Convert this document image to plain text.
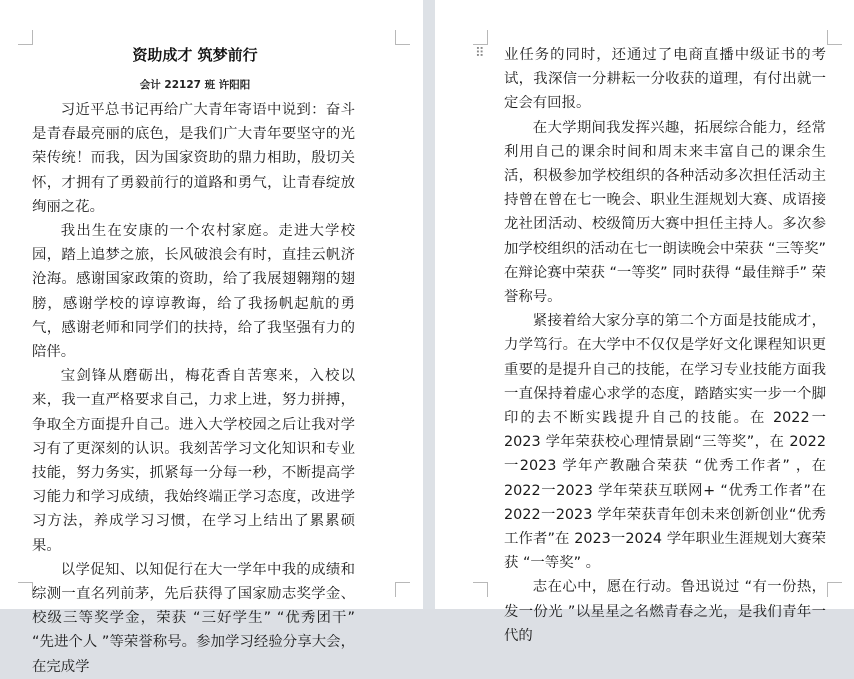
资助成才 筑梦前行
会计 22127 班 许阳阳

习近平总书记再给广大青年寄语中说到：奋斗是青春最亮丽的底色，是我们广大青年要坚守的光荣传统！而我，因为国家资助的鼎力相助，殷切关怀，才拥有了勇毅前行的道路和勇气，让青春绽放绚丽之花。

我出生在安康的一个农村家庭。走进大学校园，踏上追梦之旅，长风破浪会有时，直挂云帆济沧海。感谢国家政策的资助，给了我展翅翱翔的翅膀，感谢学校的谆谆教诲，给了我扬帆起航的勇气，感谢老师和同学们的扶持，给了我坚强有力的陪伴。

宝剑锋从磨砺出，梅花香自苦寒来，入校以来，我一直严格要求自己，力求上进，努力拼搏，争取全方面提升自己。进入大学校园之后让我对学习有了更深刻的认识。我刻苦学习文化知识和专业技能，努力务实，抓紧每一分每一秒，不断提高学习能力和学习成绩，我始终端正学习态度，改进学习方法，养成学习习惯，在学习上结出了累累硕果。

以学促知、以知促行在大一学年中我的成绩和综测一直名列前茅，先后获得了国家励志奖学金、校级三等奖学金，荣获 “三好学生” “优秀团干” “先进个人 ”等荣誉称号。参加学习经验分享大会，在完成学

⠿ 业任务的同时，还通过了电商直播中级证书的考试，我深信一分耕耘一分收获的道理，有付出就一定会有回报。

在大学期间我发挥兴趣，拓展综合能力，经常利用自己的课余时间和周末来丰富自己的课余生活，积极参加学校组织的各种活动多次担任活动主持曾在曾在七一晚会、职业生涯规划大赛、成语接龙社团活动、校级简历大赛中担任主持人。多次参加学校组织的活动在七一朗读晚会中荣获 “三等奖” 在辩论赛中荣获 “一等奖” 同时获得 “最佳辩手” 荣誉称号。

紧接着给大家分享的第二个方面是技能成才，力学笃行。在大学中不仅仅是学好文化课程知识更重要的是提升自己的技能，在学习专业技能方面我一直保持着虚心求学的态度，踏踏实实一步一个脚印的去不断实践提升自己的技能。在 2022一2023 学年荣获校心理情景剧“三等奖”，在 2022一2023 学年产教融合荣获 “优秀工作者” ，在 2022一2023 学年荣获互联网+ “优秀工作者”在 2022一2023 学年荣获青年创未来创新创业“优秀工作者”在 2023一2024 学年职业生涯规划大赛荣获 “一等奖” 。

志在心中，愿在行动。鲁迅说过 “有一份热，发一份光 ”以星星之名燃青春之光，是我们青年一代的
